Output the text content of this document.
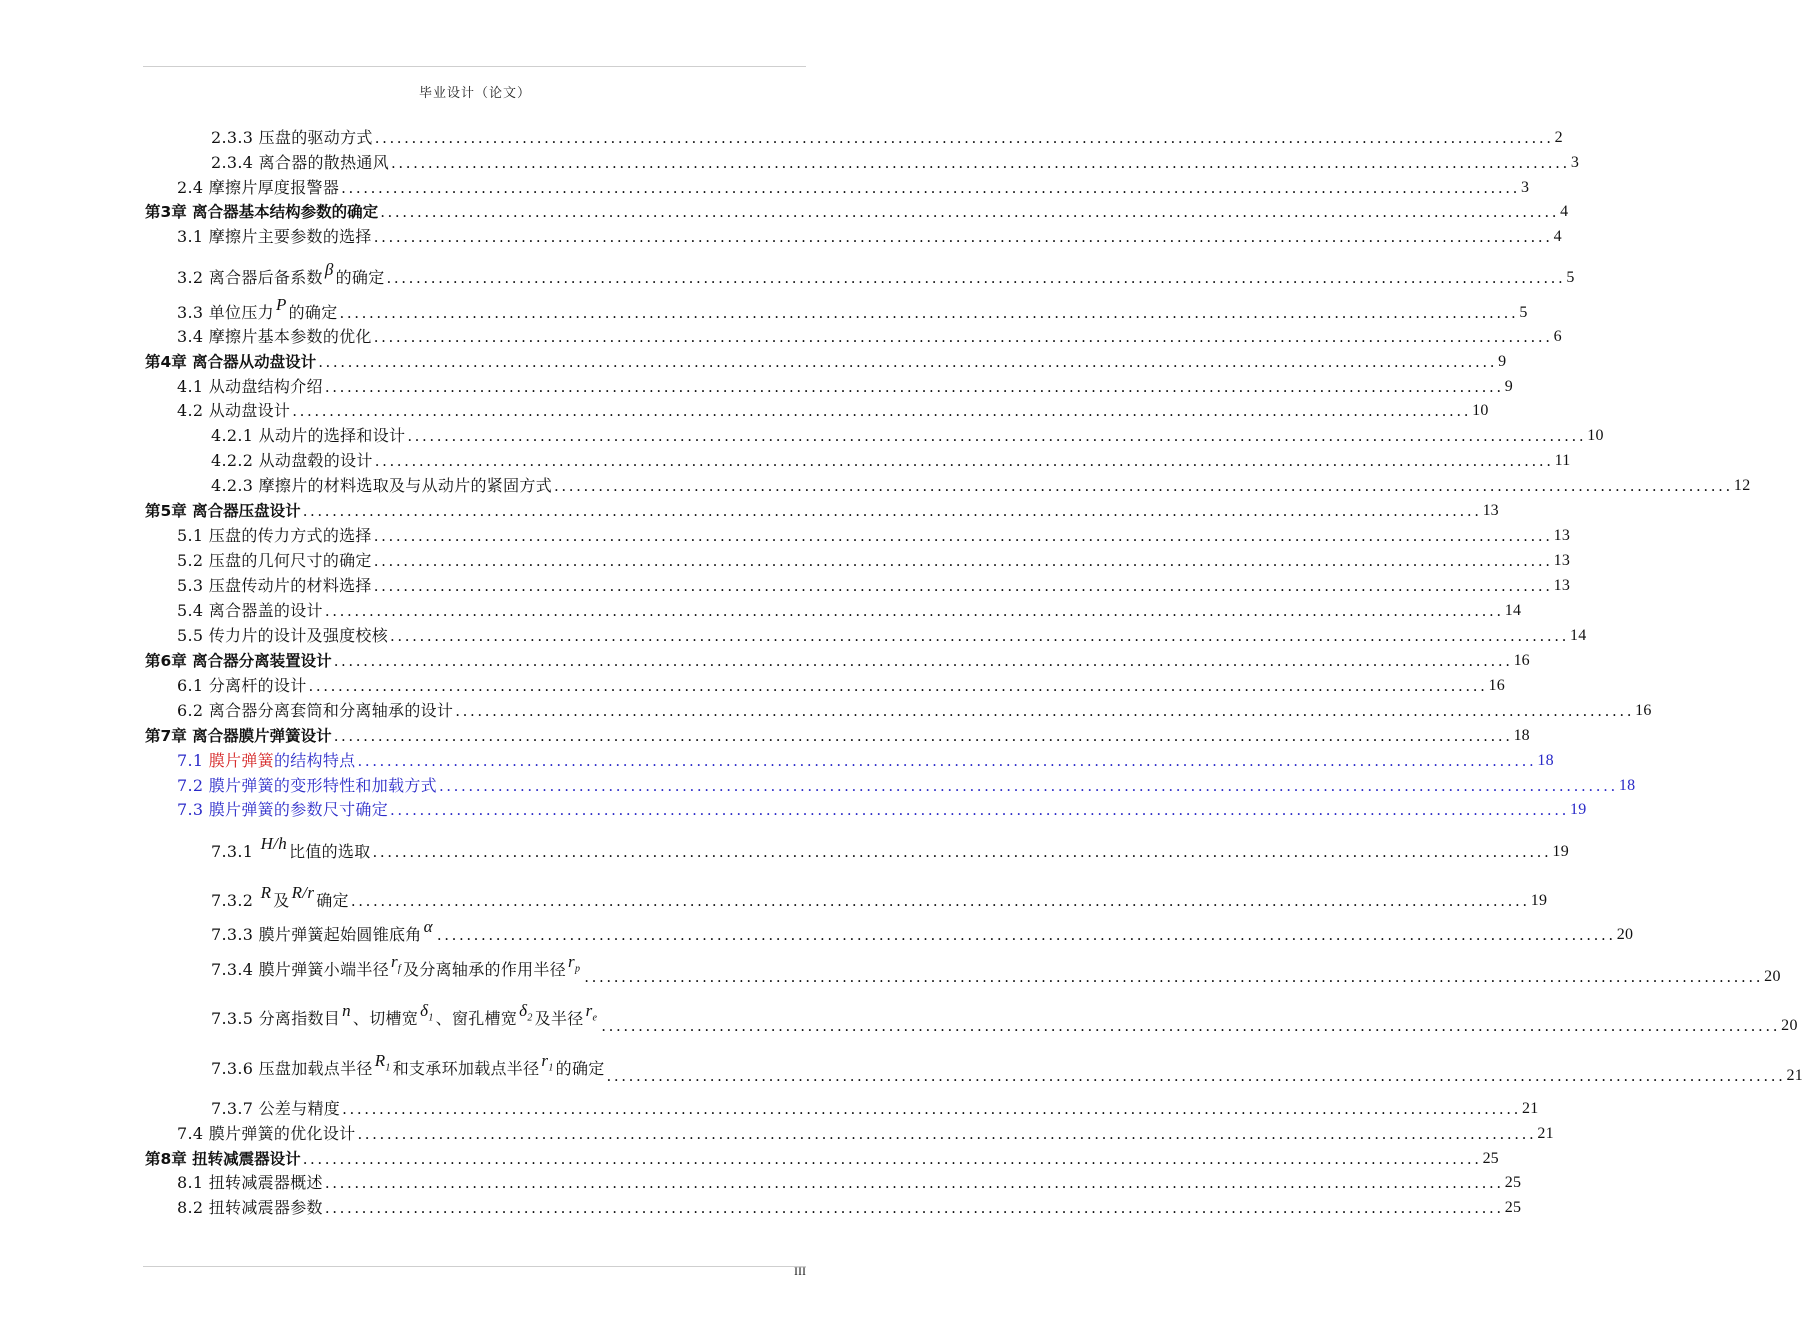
毕业设计（论文）
2.3.3 压盘的驱动方式 ................................................................................................................................................................ 2
2.3.4 离合器的散热通风 ................................................................................................................................................................ 3
2.4 摩擦片厚度报警器 ................................................................................................................................................................ 3
第3章 离合器基本结构参数的确定 ................................................................................................................................................................ 4
3.1 摩擦片主要参数的选择 ................................................................................................................................................................ 4
3.2 离合器后备系数 β 的确定 ................................................................................................................................................................ 5
3.3 单位压力 P 的确定 ................................................................................................................................................................ 5
3.4 摩擦片基本参数的优化 ................................................................................................................................................................ 6
第4章 离合器从动盘设计 ................................................................................................................................................................ 9
4.1 从动盘结构介绍 ................................................................................................................................................................ 9
4.2 从动盘设计 ................................................................................................................................................................ 10
4.2.1 从动片的选择和设计 ................................................................................................................................................................ 10
4.2.2 从动盘毂的设计 ................................................................................................................................................................ 11
4.2.3 摩擦片的材料选取及与从动片的紧固方式 ................................................................................................................................................................ 12
第5章 离合器压盘设计 ................................................................................................................................................................ 13
5.1 压盘的传力方式的选择 ................................................................................................................................................................ 13
5.2 压盘的几何尺寸的确定 ................................................................................................................................................................ 13
5.3 压盘传动片的材料选择 ................................................................................................................................................................ 13
5.4 离合器盖的设计 ................................................................................................................................................................ 14
5.5 传力片的设计及强度校核 ................................................................................................................................................................ 14
第6章 离合器分离装置设计 ................................................................................................................................................................ 16
6.1 分离杆的设计 ................................................................................................................................................................ 16
6.2 离合器分离套筒和分离轴承的设计 ................................................................................................................................................................ 16
第7章 离合器膜片弹簧设计 ................................................................................................................................................................ 18
7.1 膜片弹簧的结构特点 ................................................................................................................................................................ 18
7.2 膜片弹簧的变形特性和加载方式 ................................................................................................................................................................ 18
7.3 膜片弹簧的参数尺寸确定 ................................................................................................................................................................ 19
7.3.1 H/h 比值的选取 ................................................................................................................................................................ 19
7.3.2 R 及 R/r 确定 ................................................................................................................................................................ 19
7.3.3 膜片弹簧起始圆锥底角 α ................................................................................................................................................................ 20
7.3.4 膜片弹簧小端半径 $r_f$ 及分离轴承的作用半径 $r_p$ ................................................................................................................................................................ 20
7.3.5 分离指数目 n 、切槽宽 $\delta_1$ 、窗孔槽宽 $\delta_2$ 及半径 $r_e$ ................................................................................................................................................................ 20
7.3.6 压盘加载点半径 $R_1$ 和支承环加载点半径 $r_1$ 的确定 ................................................................................................................................................................ 21
7.3.7 公差与精度 ................................................................................................................................................................ 21
7.4 膜片弹簧的优化设计 ................................................................................................................................................................ 21
第8章 扭转减震器设计 ................................................................................................................................................................ 25
8.1 扭转减震器概述 ................................................................................................................................................................ 25
8.2 扭转减震器参数 ................................................................................................................................................................ 25
III
